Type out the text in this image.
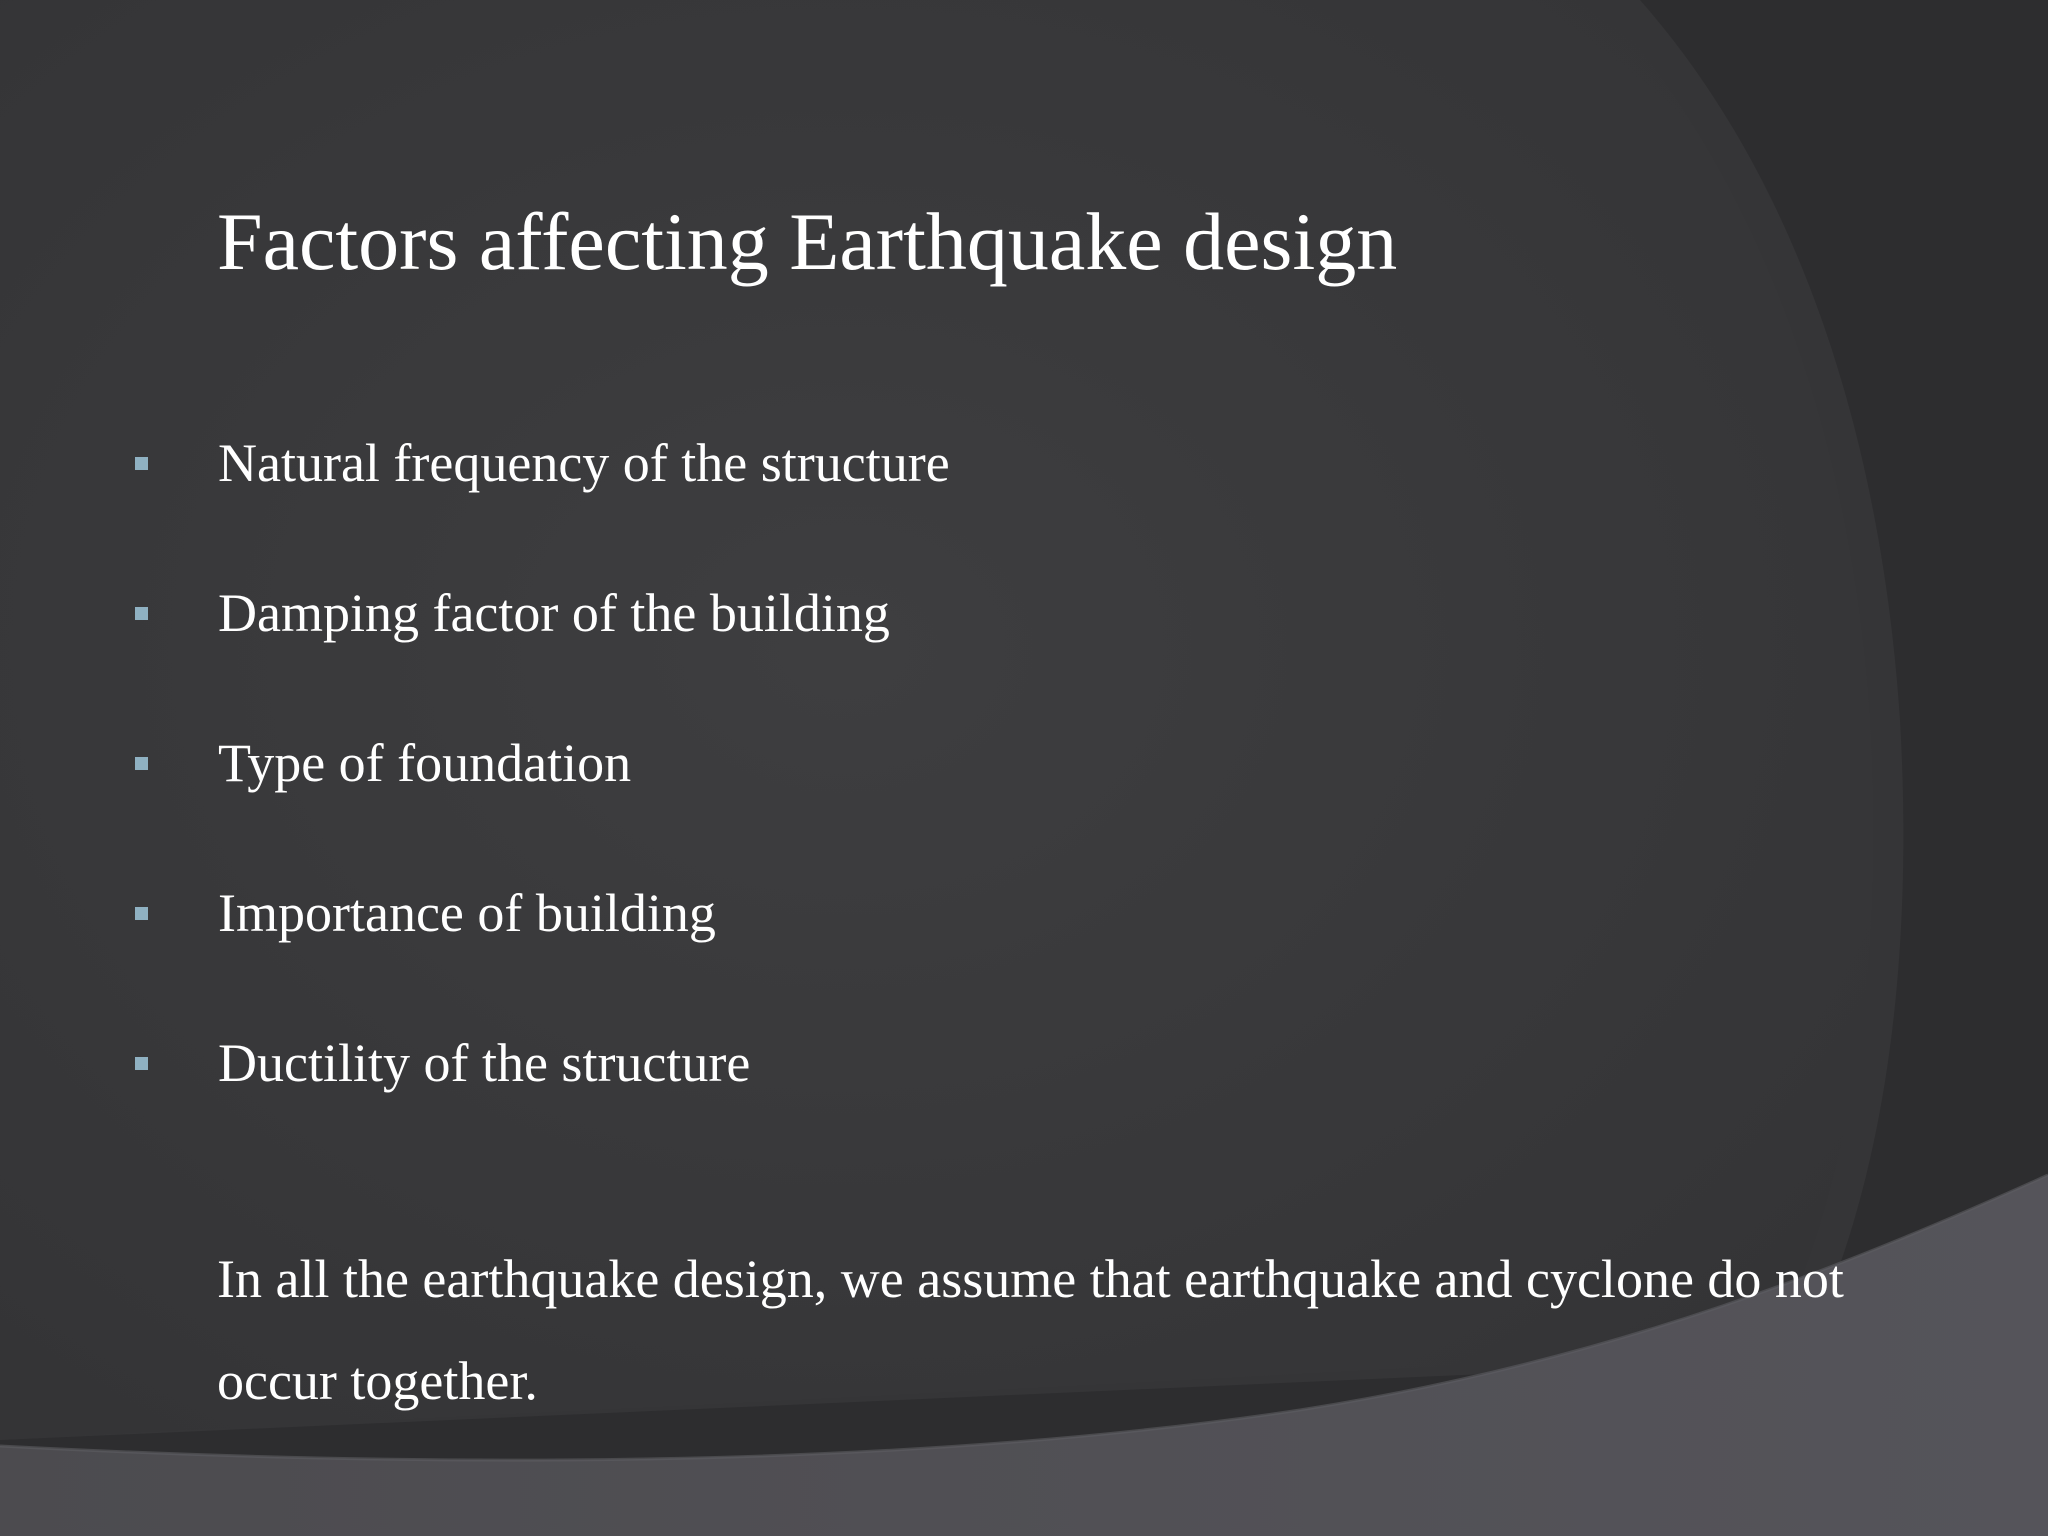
Factors affecting Earthquake design
Natural frequency of the structure
Damping factor of the building
Type of foundation
Importance of building
Ductility of the structure

In all the earthquake design, we assume that earthquake and cyclone do not occur together.
